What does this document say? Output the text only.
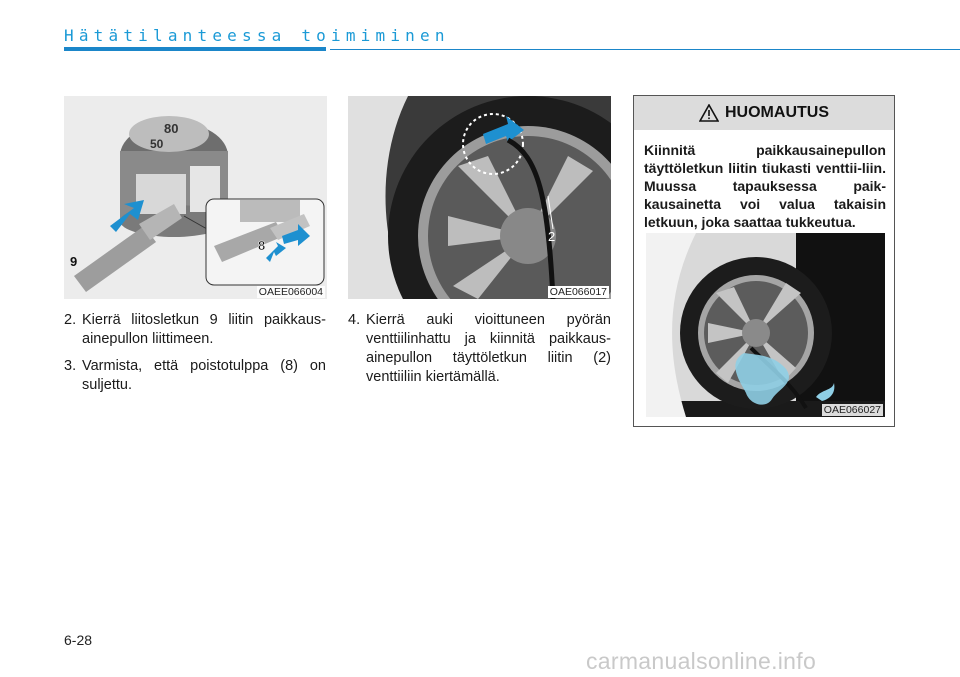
Hätätilanteessa toimiminen
80
50
8
9
OAEE066004
2
OAE066017
2. Kierrä liitosletkun 9 liitin paikkaus-ainepullon liittimeen.
3. Varmista, että poistotulppa (8) on suljettu.
4. Kierrä auki vioittuneen pyörän venttiilinhattu ja kiinnitä paikkaus-ainepullon täyttöletkun liitin (2) venttiiliin kiertämällä.
HUOMAUTUS
Kiinnitä paikkausainepullon täyttöletkun liitin tiukasti venttii-liin. Muussa tapauksessa paik-kausainetta voi valua takaisin letkuun, joka saattaa tukkeutua.
OAE066027
6-28
carmanualsonline.info
